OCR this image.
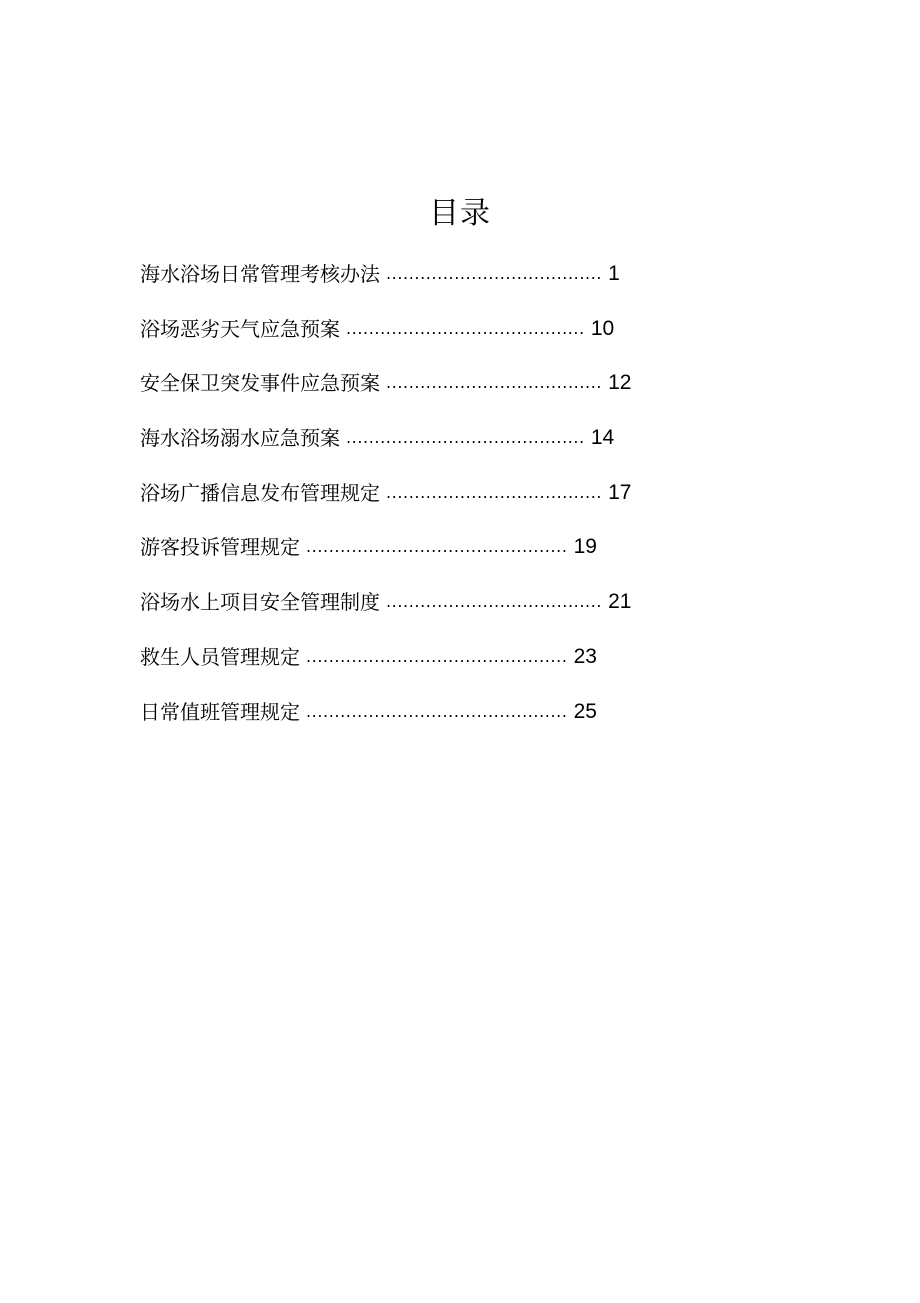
目录
海水浴场日常管理考核办法 ...................................... 1
浴场恶劣天气应急预案 .......................................... 10
安全保卫突发事件应急预案 ...................................... 12
海水浴场溺水应急预案 .......................................... 14
浴场广播信息发布管理规定 ...................................... 17
游客投诉管理规定 .............................................. 19
浴场水上项目安全管理制度 ...................................... 21
救生人员管理规定 .............................................. 23
日常值班管理规定 .............................................. 25
